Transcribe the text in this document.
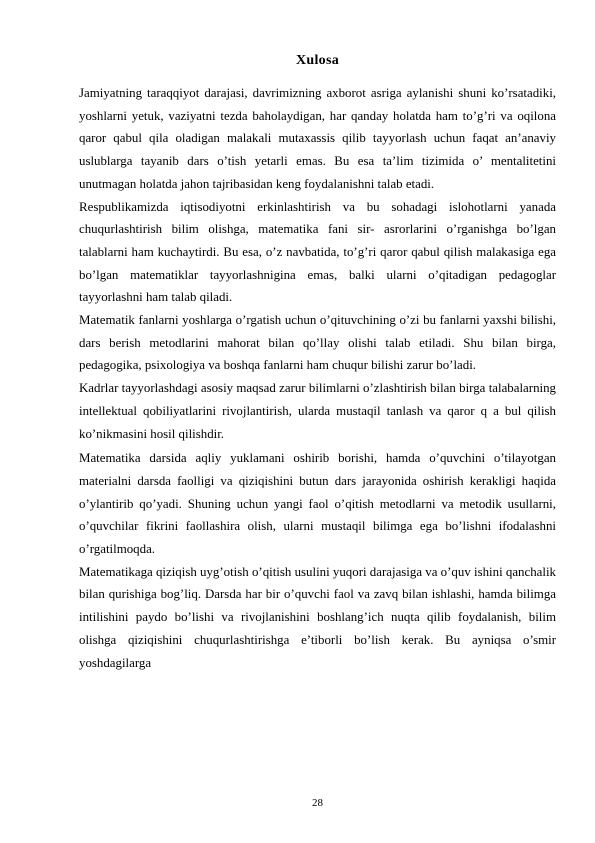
Xulosa

Jamiyatning taraqqiyot darajasi, davrimizning axborot asriga aylanishi shuni ko’rsatadiki, yoshlarni yetuk, vaziyatni tezda baholaydigan, har qanday holatda ham to’g’ri va oqilona qaror qabul qila oladigan malakali mutaxassis qilib tayyorlash uchun faqat an’anaviy uslublarga tayanib dars o’tish yetarli emas. Bu esa ta’lim tizimida o’ mentalitetini unutmagan holatda jahon tajribasidan keng foydalanishni talab etadi.

Respublikamizda iqtisodiyotni erkinlashtirish va bu sohadagi islohotlarni yanada chuqurlashtirish bilim olishga, matematika fani sir- asrorlarini o’rganishga bo’lgan talablarni ham kuchaytirdi. Bu esa, o’z navbatida, to’g’ri qaror qabul qilish malakasiga ega bo’lgan matematiklar tayyorlashnigina emas, balki ularni o’qitadigan pedagoglar tayyorlashni ham talab qiladi.

Matematik fanlarni yoshlarga o’rgatish uchun o’qituvchining o’zi bu fanlarni yaxshi bilishi, dars berish metodlarini mahorat bilan qo’llay olishi talab etiladi. Shu bilan birga, pedagogika, psixologiya va boshqa fanlarni ham chuqur bilishi zarur bo’ladi.

Kadrlar tayyorlashdagi asosiy maqsad zarur bilimlarni o’zlashtirish bilan birga talabalarning intellektual qobiliyatlarini rivojlantirish, ularda mustaqil tanlash va qaror q a bul qilish ko’nikmasini hosil qilishdir.

Matematika darsida aqliy yuklamani oshirib borishi, hamda o’quvchini o’tilayotgan materialni darsda faolligi va qiziqishini butun dars jarayonida oshirish kerakligi haqida o’ylantirib qo’yadi. Shuning uchun yangi faol o’qitish metodlarni va metodik usullarni, o’quvchilar fikrini faollashira olish, ularni mustaqil bilimga ega bo’lishni ifodalashni o’rgatilmoqda.

Matematikaga qiziqish uyg’otish o’qitish usulini yuqori darajasiga va o’quv ishini qanchalik bilan qurishiga bog’liq. Darsda har bir o’quvchi faol va zavq bilan ishlashi, hamda bilimga intilishini paydo bo’lishi va rivojlanishini boshlang’ich nuqta qilib foydalanish, bilim olishga qiziqishini chuqurlashtirishga e’tiborli bo’lish kerak. Bu ayniqsa o’smir yoshdagilarga

28
